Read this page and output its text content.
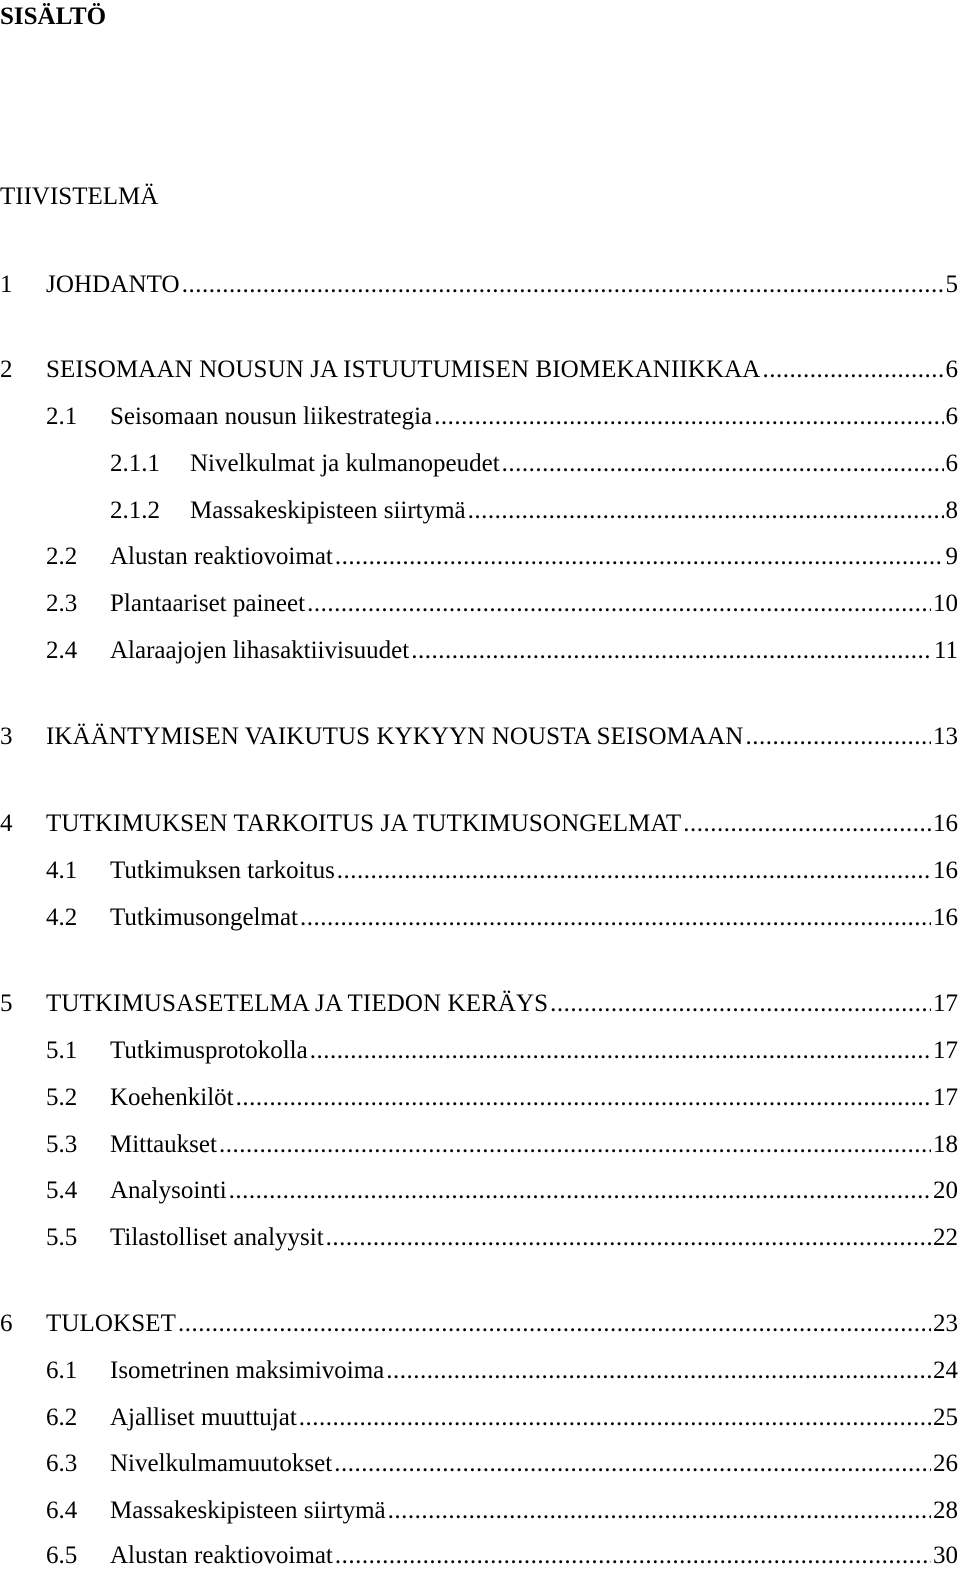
SISÄLTÖ
TIIVISTELMÄ
1 JOHDANTO .....	5
2 SEISOMAAN NOUSUN JA ISTUUTUMISEN BIOMEKANIIKKAA .....	6
2.1 Seisomaan nousun liikestrategia .....	6
2.1.1 Nivelkulmat ja kulmanopeudet .....	6
2.1.2 Massakeskipisteen siirtymä .....	8
2.2 Alustan reaktiovoimat .....	9
2.3 Plantaariset paineet .....	10
2.4 Alaraajojen lihasaktiivisuudet .....	11
3 IKÄÄNTYMISEN VAIKUTUS KYKYYN NOUSTA SEISOMAAN .....	13
4 TUTKIMUKSEN TARKOITUS JA TUTKIMUSONGELMAT .....	16
4.1 Tutkimuksen tarkoitus .....	16
4.2 Tutkimusongelmat .....	16
5 TUTKIMUSASETELMA JA TIEDON KERÄYS .....	17
5.1 Tutkimusprotokolla .....	17
5.2 Koehenkilöt .....	17
5.3 Mittaukset .....	18
5.4 Analysointi .....	20
5.5 Tilastolliset analyysit .....	22
6 TULOKSET .....	23
6.1 Isometrinen maksimivoima .....	24
6.2 Ajalliset muuttujat .....	25
6.3 Nivelkulmamuutokset .....	26
6.4 Massakeskipisteen siirtymä .....	28
6.5 Alustan reaktiovoimat .....	30
